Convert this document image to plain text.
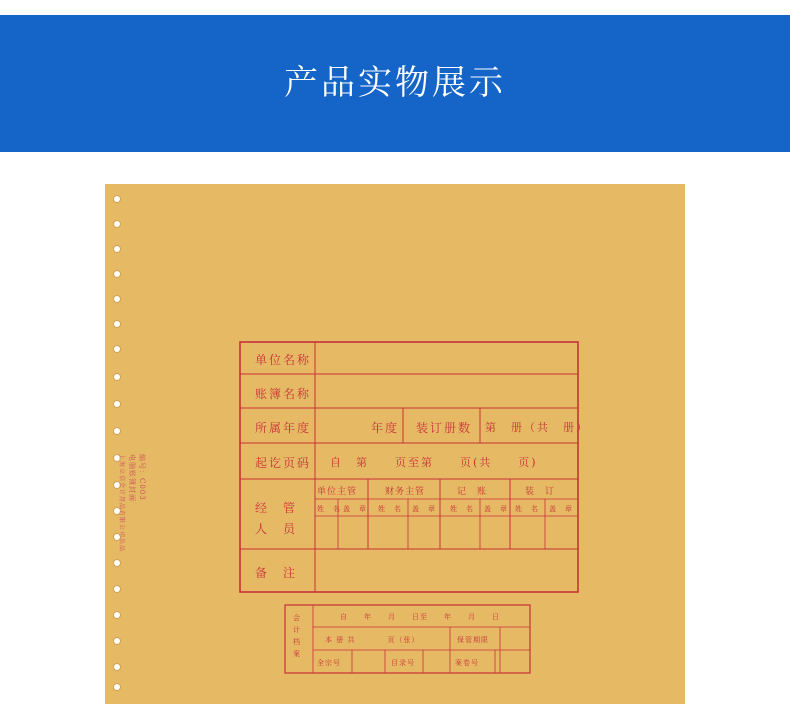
产品实物展示
单位名称
账簿名称
所属年度	年度 装订册数 第　册（共　册）
起讫页码 自　第　　页至第　　页(共　　页)
经　管
人　员
单位主管	财务主管	记　账	装　订
姓　名 盖　章 姓　名 盖　章 姓　名 盖　章 姓　名 盖　章
备　注
会计档案
自　　年　　月　　日至　　年　　月　　日
本 册 共　　　　页（张）	保管期限
全宗号	目录号	案卷号
编号：C003
电脑账簿封面
上海立信会计用品有限公司出品
